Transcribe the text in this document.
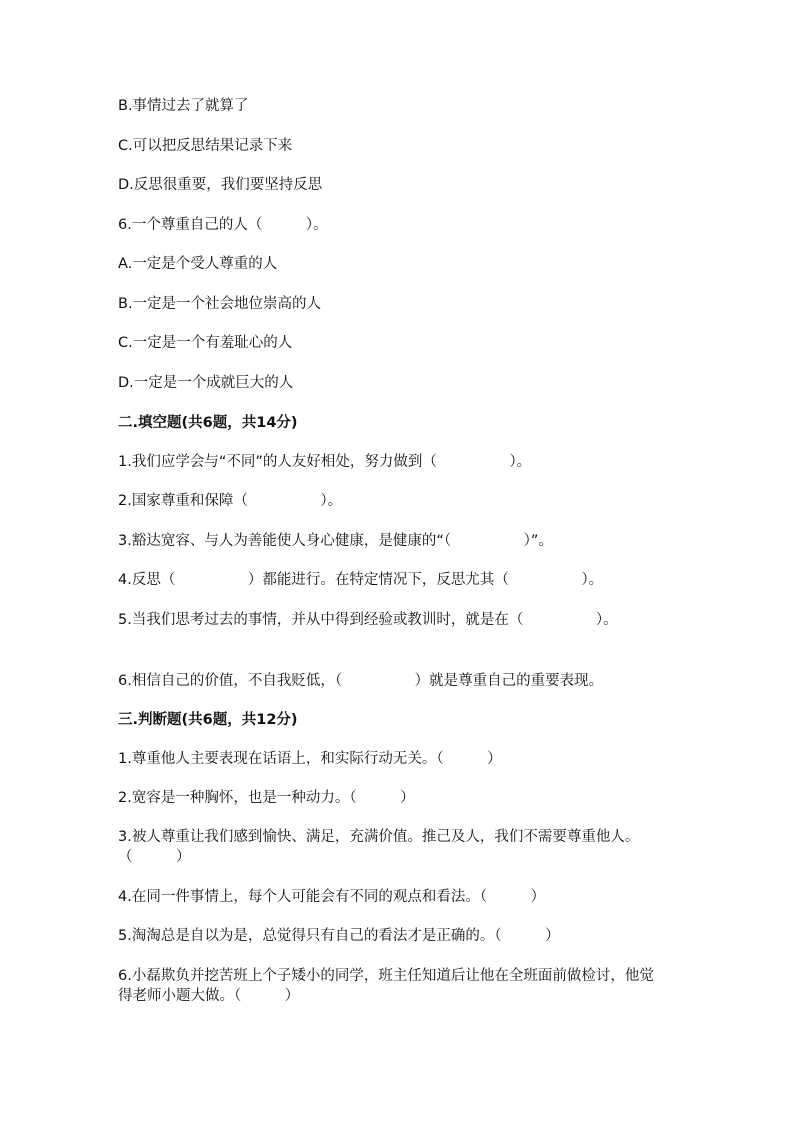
B.事情过去了就算了
C.可以把反思结果记录下来
D.反思很重要，我们要坚持反思
6.一个尊重自己的人（　　　）。
A.一定是个受人尊重的人
B.一定是一个社会地位崇高的人
C.一定是一个有羞耻心的人
D.一定是一个成就巨大的人
二.填空题(共6题，共14分)
1.我们应学会与“不同”的人友好相处，努力做到（　　　　　）。
2.国家尊重和保障（　　　　　）。
3.豁达宽容、与人为善能使人身心健康，是健康的“（　　　　　）”。
4.反思（　　　　　）都能进行。在特定情况下，反思尤其（　　　　　）。
5.当我们思考过去的事情，并从中得到经验或教训时，就是在（　　　　　）。
6.相信自己的价值，不自我贬低，（　　　　　）就是尊重自己的重要表现。
三.判断题(共6题，共12分)
1.尊重他人主要表现在话语上，和实际行动无关。（　　　）
2.宽容是一种胸怀，也是一种动力。（　　　）
3.被人尊重让我们感到愉快、满足，充满价值。推己及人，我们不需要尊重他人。（　　　）
4.在同一件事情上，每个人可能会有不同的观点和看法。（　　　）
5.淘淘总是自以为是，总觉得只有自己的看法才是正确的。（　　　）
6.小磊欺负并挖苦班上个子矮小的同学，班主任知道后让他在全班面前做检讨，他觉得老师小题大做。（　　　）
